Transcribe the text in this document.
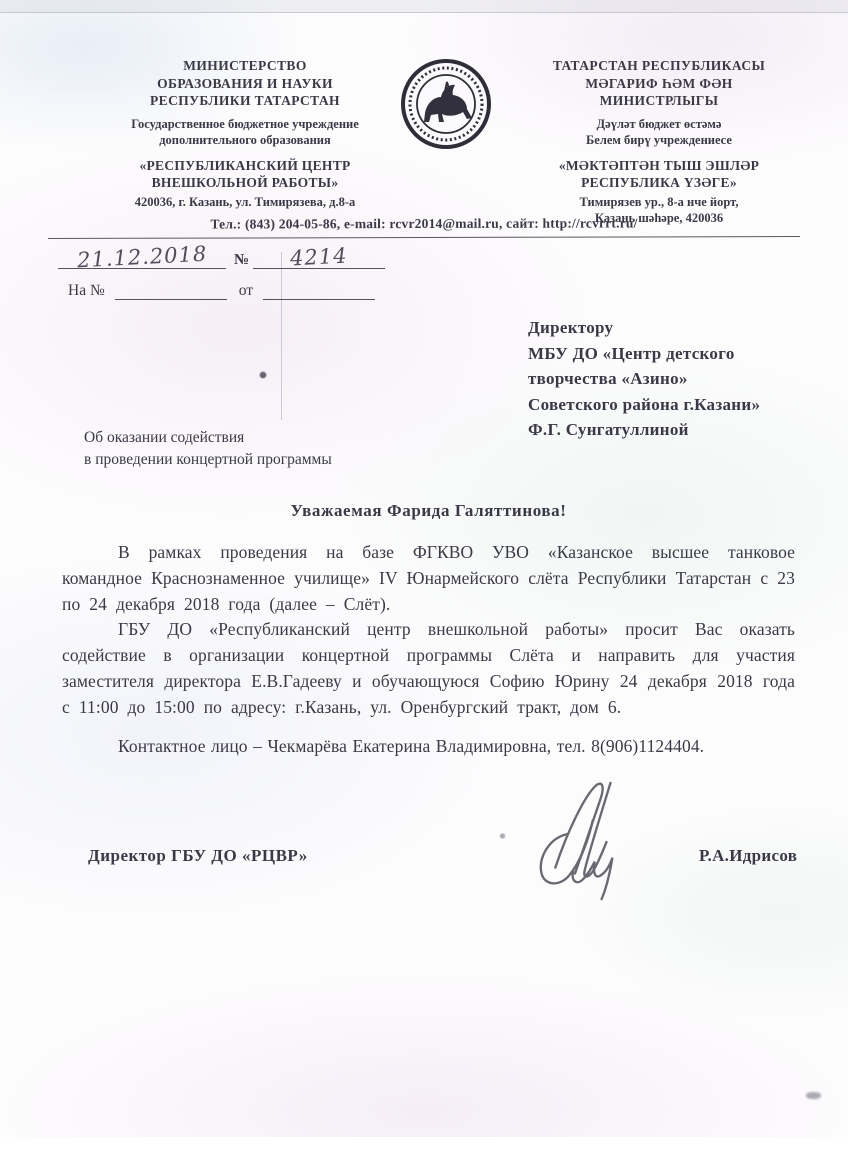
МИНИСТЕРСТВО
ОБРАЗОВАНИЯ И НАУКИ
РЕСПУБЛИКИ ТАТАРСТАН
Государственное бюджетное учреждение
дополнительного образования
«РЕСПУБЛИКАНСКИЙ ЦЕНТР
ВНЕШКОЛЬНОЙ РАБОТЫ»
420036, г. Казань, ул. Тимирязева, д.8-а
ТАТАРСТАН РЕСПУБЛИКАСЫ
МӘГАРИФ ҺӘМ ФӘН
МИНИСТРЛЫГЫ
Дәүләт бюджет өстәмә
Белем бирү учреждениесе
«МӘКТӘПТӘН ТЫШ ЭШЛӘР
РЕСПУБЛИКА ҮЗӘГЕ»
Тимирязев ур., 8-а нче йорт,
Казань шәһәре, 420036
Тел.: (843) 204-05-86, e-mail: rcvr2014@mail.ru, сайт: http://rcvrrt.ru/
21.12.2018 № 4214
На №	от
Директору
МБУ ДО «Центр детского
творчества «Азино»
Советского района г.Казани»
Ф.Г. Сунгатуллиной
Об оказании содействия
в проведении концертной программы
Уважаемая Фарида Галяттинова!

В рамках проведения на базе ФГКВО УВО «Казанское высшее танковое командное Краснознаменное училище» IV Юнармейского слёта Республики Татарстан с 23 по 24 декабря 2018 года (далее – Слёт).

ГБУ ДО «Республиканский центр внешкольной работы» просит Вас оказать содействие в организации концертной программы Слёта и направить для участия заместителя директора Е.В.Гадееву и обучающуюся Софию Юрину 24 декабря 2018 года с 11:00 до 15:00 по адресу: г.Казань, ул. Оренбургский тракт, дом 6.

Контактное лицо – Чекмарёва Екатерина Владимировна, тел. 8(906)1124404.

Директор ГБУ ДО «РЦВР»	Р.А.Идрисов
